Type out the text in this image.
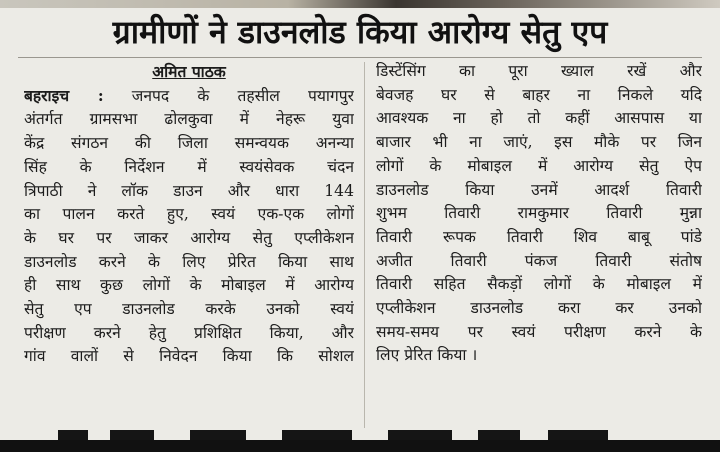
ग्रामीणों ने डाउनलोड किया आरोग्य सेतु एप
अमित पाठक
बहराइच : जनपद के तहसील पयागपुर
अंतर्गत ग्रामसभा ढोलकुवा में नेहरू युवा
केंद्र संगठन की जिला समन्वयक अनन्या
सिंह के निर्देशन में स्वयंसेवक चंदन
त्रिपाठी ने लॉक डाउन और धारा 144
का पालन करते हुए, स्वयं एक-एक लोगों
के घर पर जाकर आरोग्य सेतु एप्लीकेशन
डाउनलोड करने के लिए प्रेरित किया साथ
ही साथ कुछ लोगों के मोबाइल में आरोग्य
सेतु एप डाउनलोड करके उनको स्वयं
परीक्षण करने हेतु प्रशिक्षित किया, और
गांव वालों से निवेदन किया कि सोशल
डिस्टेंसिंग का पूरा ख्याल रखें और
बेवजह घर से बाहर ना निकले यदि
आवश्यक ना हो तो कहीं आसपास या
बाजार भी ना जाएं, इस मौके पर जिन
लोगों के मोबाइल में आरोग्य सेतु ऐप
डाउनलोड किया उनमें आदर्श तिवारी
शुभम तिवारी रामकुमार तिवारी मुन्ना
तिवारी रूपक तिवारी शिव बाबू पांडे
अजीत तिवारी पंकज तिवारी संतोष
तिवारी सहित सैकड़ों लोगों के मोबाइल में
एप्लीकेशन डाउनलोड करा कर उनको
समय-समय पर स्वयं परीक्षण करने के
लिए प्रेरित किया ।
